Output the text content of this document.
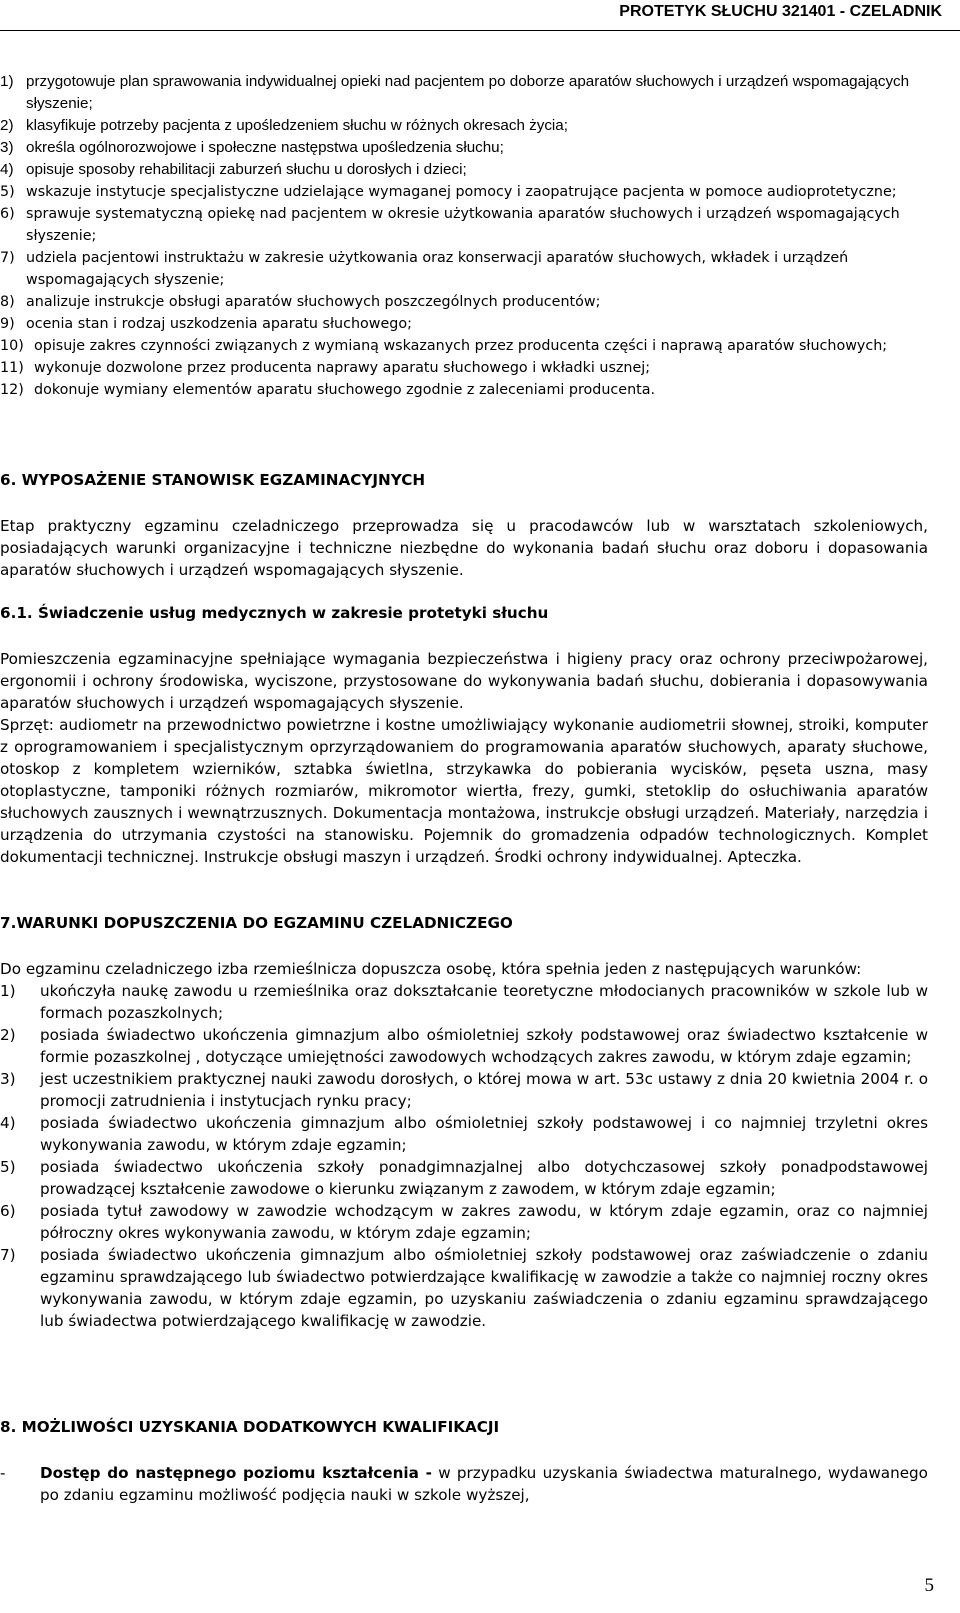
PROTETYK SŁUCHU 321401 - CZELADNIK
1) przygotowuje plan sprawowania indywidualnej opieki nad pacjentem po doborze aparatów słuchowych i urządzeń wspomagających słyszenie;
2) klasyfikuje potrzeby pacjenta z upośledzeniem słuchu w różnych okresach życia;
3) określa ogólnorozwojowe i społeczne następstwa upośledzenia słuchu;
4) opisuje sposoby rehabilitacji zaburzeń słuchu u dorosłych i dzieci;
5) wskazuje instytucje specjalistyczne udzielające wymaganej pomocy i zaopatrujące pacjenta w pomoce audioprotetyczne;
6) sprawuje systematyczną opiekę nad pacjentem w okresie użytkowania aparatów słuchowych i urządzeń wspomagających słyszenie;
7) udziela pacjentowi instruktażu w zakresie użytkowania oraz konserwacji aparatów słuchowych, wkładek i urządzeń wspomagających słyszenie;
8) analizuje instrukcje obsługi aparatów słuchowych poszczególnych producentów;
9) ocenia stan i rodzaj uszkodzenia aparatu słuchowego;
10) opisuje zakres czynności związanych z wymianą wskazanych przez producenta części i naprawą aparatów słuchowych;
11) wykonuje dozwolone przez producenta naprawy aparatu słuchowego i wkładki usznej;
12) dokonuje wymiany elementów aparatu słuchowego zgodnie z zaleceniami producenta.
6. WYPOSAŻENIE STANOWISK EGZAMINACYJNYCH
Etap praktyczny egzaminu czeladniczego przeprowadza się u pracodawców lub w warsztatach szkoleniowych, posiadających warunki organizacyjne i techniczne niezbędne do wykonania badań słuchu oraz doboru i dopasowania aparatów słuchowych i urządzeń wspomagających słyszenie.
6.1. Świadczenie usług medycznych w zakresie protetyki słuchu
Pomieszczenia egzaminacyjne spełniające wymagania bezpieczeństwa i higieny pracy oraz ochrony przeciwpożarowej, ergonomii i ochrony środowiska, wyciszone, przystosowane do wykonywania badań słuchu, dobierania i dopasowywania aparatów słuchowych i urządzeń wspomagających słyszenie.
Sprzęt: audiometr na przewodnictwo powietrzne i kostne umożliwiający wykonanie audiometrii słownej, stroiki, komputer z oprogramowaniem i specjalistycznym oprzyrządowaniem do programowania aparatów słuchowych, aparaty słuchowe, otoskop z kompletem wzierników, sztabka świetlna, strzykawka do pobierania wycisków, pęseta uszna, masy otoplastyczne, tamponiki różnych rozmiarów, mikromotor wiertła, frezy, gumki, stetoklip do osłuchiwania aparatów słuchowych zausznych i wewnątrzusznych. Dokumentacja montażowa, instrukcje obsługi urządzeń. Materiały, narzędzia i urządzenia do utrzymania czystości na stanowisku. Pojemnik do gromadzenia odpadów technologicznych. Komplet dokumentacji technicznej. Instrukcje obsługi maszyn i urządzeń. Środki ochrony indywidualnej. Apteczka.
7.WARUNKI DOPUSZCZENIA DO EGZAMINU CZELADNICZEGO
Do egzaminu czeladniczego izba rzemieślnicza dopuszcza osobę, która spełnia jeden z następujących warunków:
1)	ukończyła naukę zawodu u rzemieślnika oraz dokształcanie teoretyczne młodocianych pracowników w szkole lub w formach pozaszkolnych;
2)	posiada świadectwo ukończenia gimnazjum albo ośmioletniej szkoły podstawowej oraz świadectwo kształcenie w formie pozaszkolnej , dotyczące umiejętności zawodowych wchodzących zakres zawodu, w którym zdaje egzamin;
3)	jest uczestnikiem praktycznej nauki zawodu dorosłych, o której mowa w art. 53c ustawy z dnia 20 kwietnia 2004 r. o promocji zatrudnienia i instytucjach rynku pracy;
4)	posiada świadectwo ukończenia gimnazjum albo ośmioletniej szkoły podstawowej i co najmniej trzyletni okres wykonywania zawodu, w którym zdaje egzamin;
5)	posiada świadectwo ukończenia szkoły ponadgimnazjalnej albo dotychczasowej szkoły ponadpodstawowej prowadzącej kształcenie zawodowe o kierunku związanym z zawodem, w którym zdaje egzamin;
6)	posiada tytuł zawodowy w zawodzie wchodzącym w zakres zawodu, w którym zdaje egzamin, oraz co najmniej półroczny okres wykonywania zawodu, w którym zdaje egzamin;
7)	posiada świadectwo ukończenia gimnazjum albo ośmioletniej szkoły podstawowej oraz zaświadczenie o zdaniu egzaminu sprawdzającego lub świadectwo potwierdzające kwalifikację w zawodzie a także co najmniej roczny okres wykonywania zawodu, w którym zdaje egzamin, po uzyskaniu zaświadczenia o zdaniu egzaminu sprawdzającego lub świadectwa potwierdzającego kwalifikację w zawodzie.
8. MOŻLIWOŚCI UZYSKANIA DODATKOWYCH KWALIFIKACJI
-	Dostęp do następnego poziomu kształcenia - w przypadku uzyskania świadectwa maturalnego, wydawanego po zdaniu egzaminu możliwość podjęcia nauki w szkole wyższej,
5
